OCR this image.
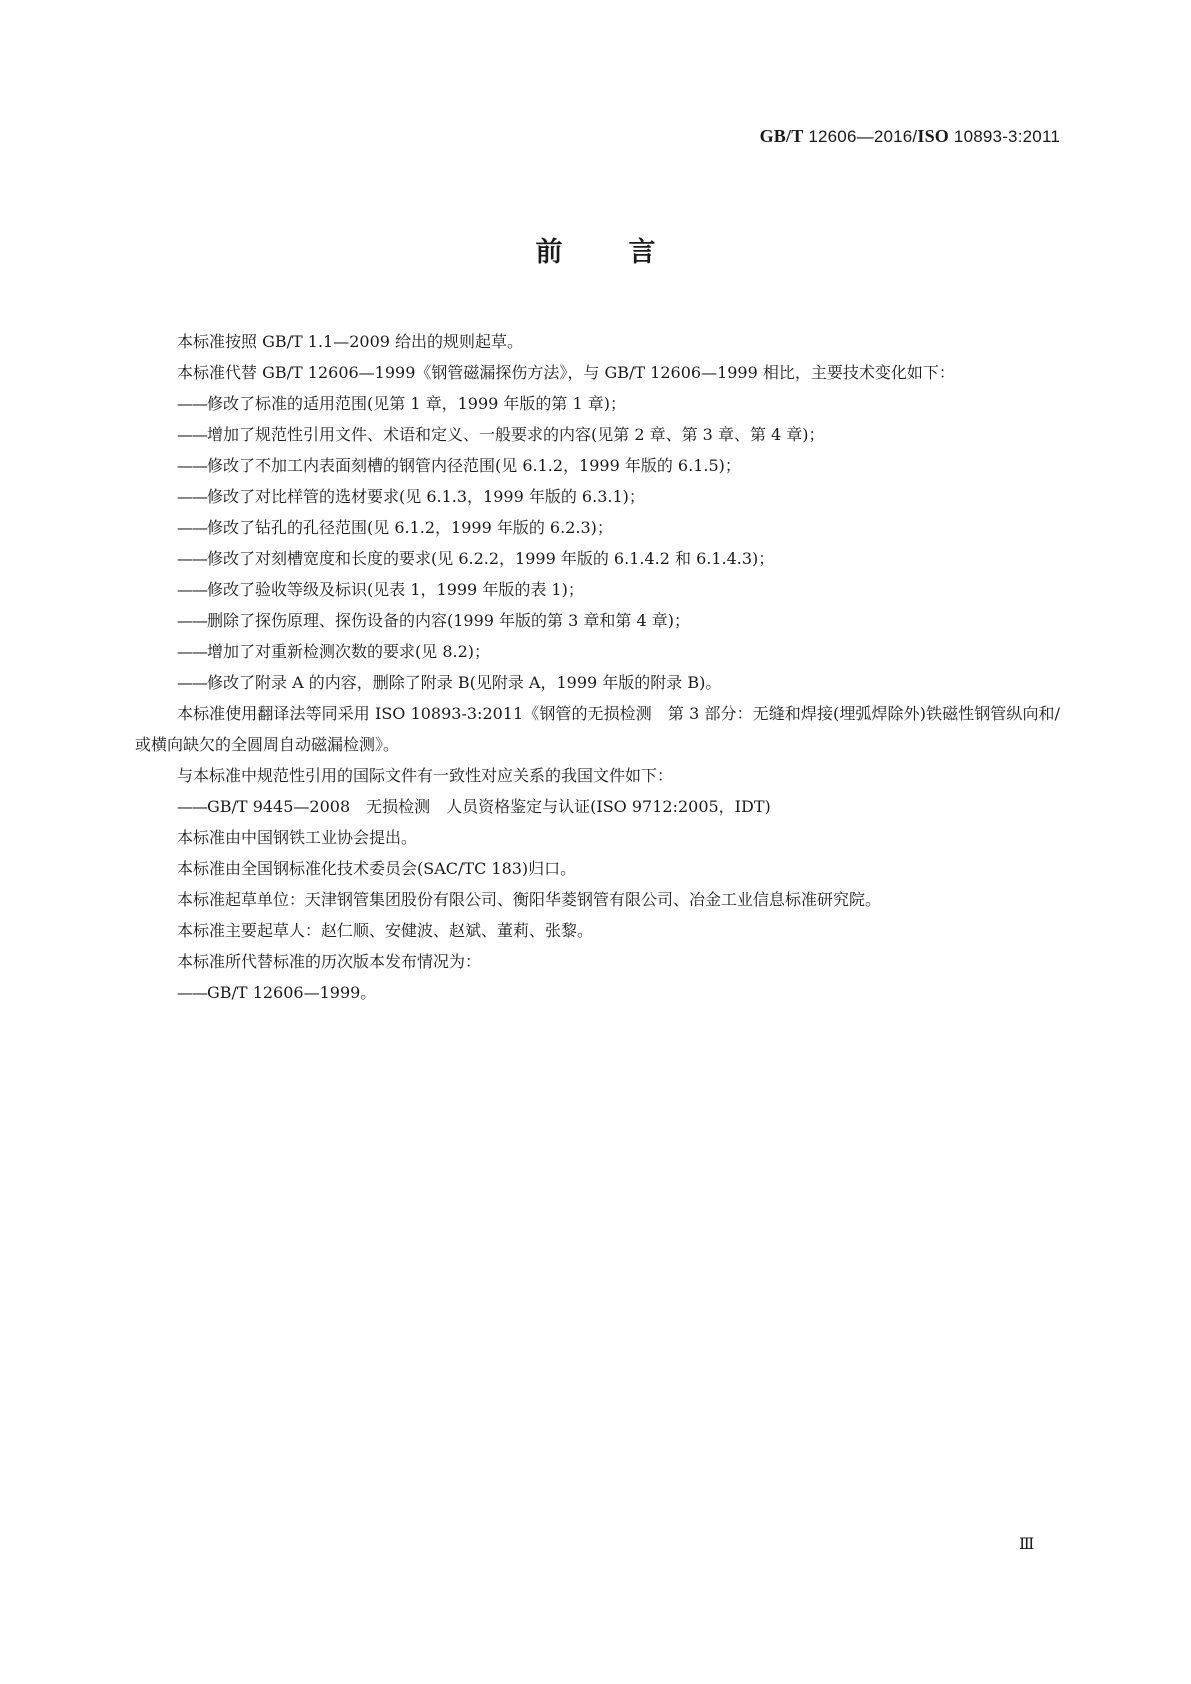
GB/T 12606—2016/ISO 10893-3:2011
前 言

本标准按照 GB/T 1.1—2009 给出的规则起草。

本标准代替 GB/T 12606—1999《钢管磁漏探伤方法》，与 GB/T 12606—1999 相比，主要技术变化如下：

——修改了标准的适用范围(见第 1 章，1999 年版的第 1 章)；

——增加了规范性引用文件、术语和定义、一般要求的内容(见第 2 章、第 3 章、第 4 章)；

——修改了不加工内表面刻槽的钢管内径范围(见 6.1.2，1999 年版的 6.1.5)；

——修改了对比样管的选材要求(见 6.1.3，1999 年版的 6.3.1)；

——修改了钻孔的孔径范围(见 6.1.2，1999 年版的 6.2.3)；

——修改了对刻槽宽度和长度的要求(见 6.2.2，1999 年版的 6.1.4.2 和 6.1.4.3)；

——修改了验收等级及标识(见表 1，1999 年版的表 1)；

——删除了探伤原理、探伤设备的内容(1999 年版的第 3 章和第 4 章)；

——增加了对重新检测次数的要求(见 8.2)；

——修改了附录 A 的内容，删除了附录 B(见附录 A，1999 年版的附录 B)。

本标准使用翻译法等同采用 ISO 10893-3:2011《钢管的无损检测　第 3 部分：无缝和焊接(埋弧焊除外)铁磁性钢管纵向和/或横向缺欠的全圆周自动磁漏检测》。

与本标准中规范性引用的国际文件有一致性对应关系的我国文件如下：

——GB/T 9445—2008　无损检测　人员资格鉴定与认证(ISO 9712:2005，IDT)

本标准由中国钢铁工业协会提出。

本标准由全国钢标准化技术委员会(SAC/TC 183)归口。

本标准起草单位：天津钢管集团股份有限公司、衡阳华菱钢管有限公司、冶金工业信息标准研究院。

本标准主要起草人：赵仁顺、安健波、赵斌、董莉、张黎。

本标准所代替标准的历次版本发布情况为：

——GB/T 12606—1999。

Ⅲ
